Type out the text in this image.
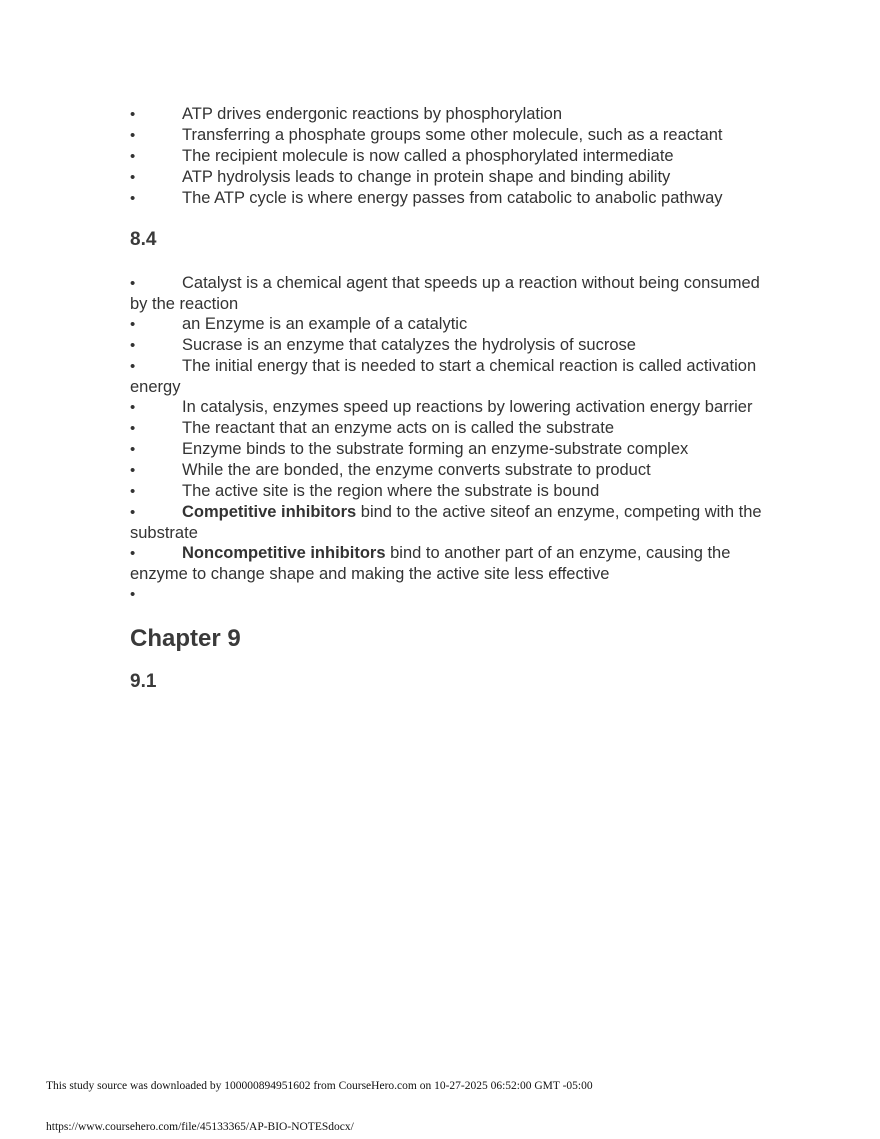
•	ATP drives endergonic reactions by phosphorylation
•	Transferring a phosphate groups some other molecule, such as a reactant
•	The recipient molecule is now called a phosphorylated intermediate
•	ATP hydrolysis leads to change in protein shape and binding ability
•	The ATP cycle is where energy passes from catabolic to anabolic pathway
8.4
•	Catalyst is a chemical agent that speeds up a reaction without being consumed by the reaction
•	an Enzyme is an example of a catalytic
•	Sucrase is an enzyme that catalyzes the hydrolysis of sucrose
•	The initial energy that is needed to start a chemical reaction is called activation energy
•	In catalysis, enzymes speed up reactions by lowering activation energy barrier
•	The reactant that an enzyme acts on is called the substrate
•	Enzyme binds to the substrate forming an enzyme-substrate complex
•	While the are bonded, the enzyme converts substrate to product
•	The active site is the region where the substrate is bound
•	Competitive inhibitors bind to the active siteof an enzyme, competing with the substrate
•	Noncompetitive inhibitors bind to another part of an enzyme, causing the enzyme to change shape and making the active site less effective
•
Chapter 9
9.1
This study source was downloaded by 100000894951602 from CourseHero.com on 10-27-2025 06:52:00 GMT -05:00
https://www.coursehero.com/file/45133365/AP-BIO-NOTESdocx/
